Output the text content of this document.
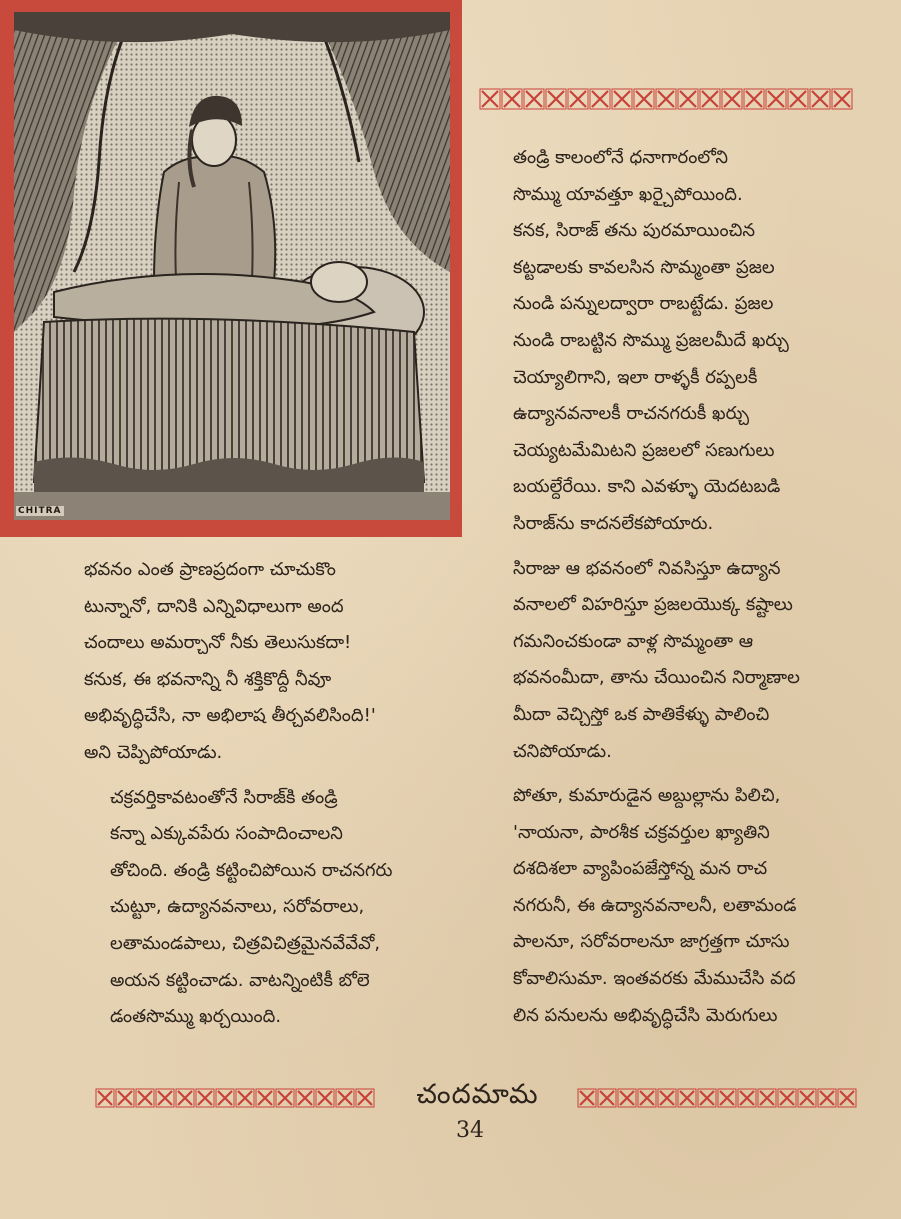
CHITRA

తండ్రి కాలంలోనే ధనాగారంలోని
సొమ్ము యావత్తూ ఖర్చైపోయింది.
కనక, సిరాజ్ తను పురమాయించిన
కట్టడాలకు కావలసిన సొమ్మంతా ప్రజల
నుండి పన్నులద్వారా రాబట్టేడు. ప్రజల
నుండి రాబట్టిన సొమ్ము ప్రజలమీదే ఖర్చు
చెయ్యాలిగాని, ఇలా రాళ్ళకీ రప్పలకీ
ఉద్యానవనాలకీ రాచనగరుకీ ఖర్చు
చెయ్యటమేమిటని ప్రజలలో సణుగులు
బయల్దేరేయి. కాని ఎవళ్ళూ యెదటబడి
సిరాజ్‌ను కాదనలేకపోయారు.

సిరాజు ఆ భవనంలో నివసిస్తూ ఉద్యాన
వనాలలో విహరిస్తూ ప్రజలయొక్క కష్టాలు
గమనించకుండా వాళ్ల సొమ్మంతా ఆ
భవనంమీదా, తాను చేయించిన నిర్మాణాల
మీదా వెచ్చిస్తో ఒక పాతికేళ్ళు పాలించి
చనిపోయాడు.

పోతూ, కుమారుడైన అబ్దుల్లాను పిలిచి,
'నాయనా, పారశీక చక్రవర్తుల ఖ్యాతిని
దశదిశలా వ్యాపింపజేస్తోన్న మన రాచ
నగరునీ, ఈ ఉద్యానవనాలనీ, లతామండ
పాలనూ, సరోవరాలనూ జాగ్రత్తగా చూసు
కోవాలిసుమా. ఇంతవరకు మేముచేసి వద
లిన పనులను అభివృద్ధిచేసి మెరుగులు

భవనం ఎంత ప్రాణప్రదంగా చూచుకొం
టున్నానో, దానికి ఎన్నివిధాలుగా అంద
చందాలు అమర్చానో నీకు తెలుసుకదా!
కనుక, ఈ భవనాన్ని నీ శక్తికొద్దీ నీవూ
అభివృద్ధిచేసి, నా అభిలాష తీర్చవలిసింది!'
అని చెప్పిపోయాడు.

చక్రవర్తికావటంతోనే సిరాజ్‌కి తండ్రి
కన్నా ఎక్కువపేరు సంపాదించాలని
తోచింది. తండ్రి కట్టించిపోయిన రాచనగరు
చుట్టూ, ఉద్యానవనాలు, సరోవరాలు,
లతామండపాలు, చిత్రవిచిత్రమైనవేవేవో,
అయన కట్టించాడు. వాటన్నింటికీ బోలె
డంతసొమ్ము ఖర్చయింది.

చందమామ
34
